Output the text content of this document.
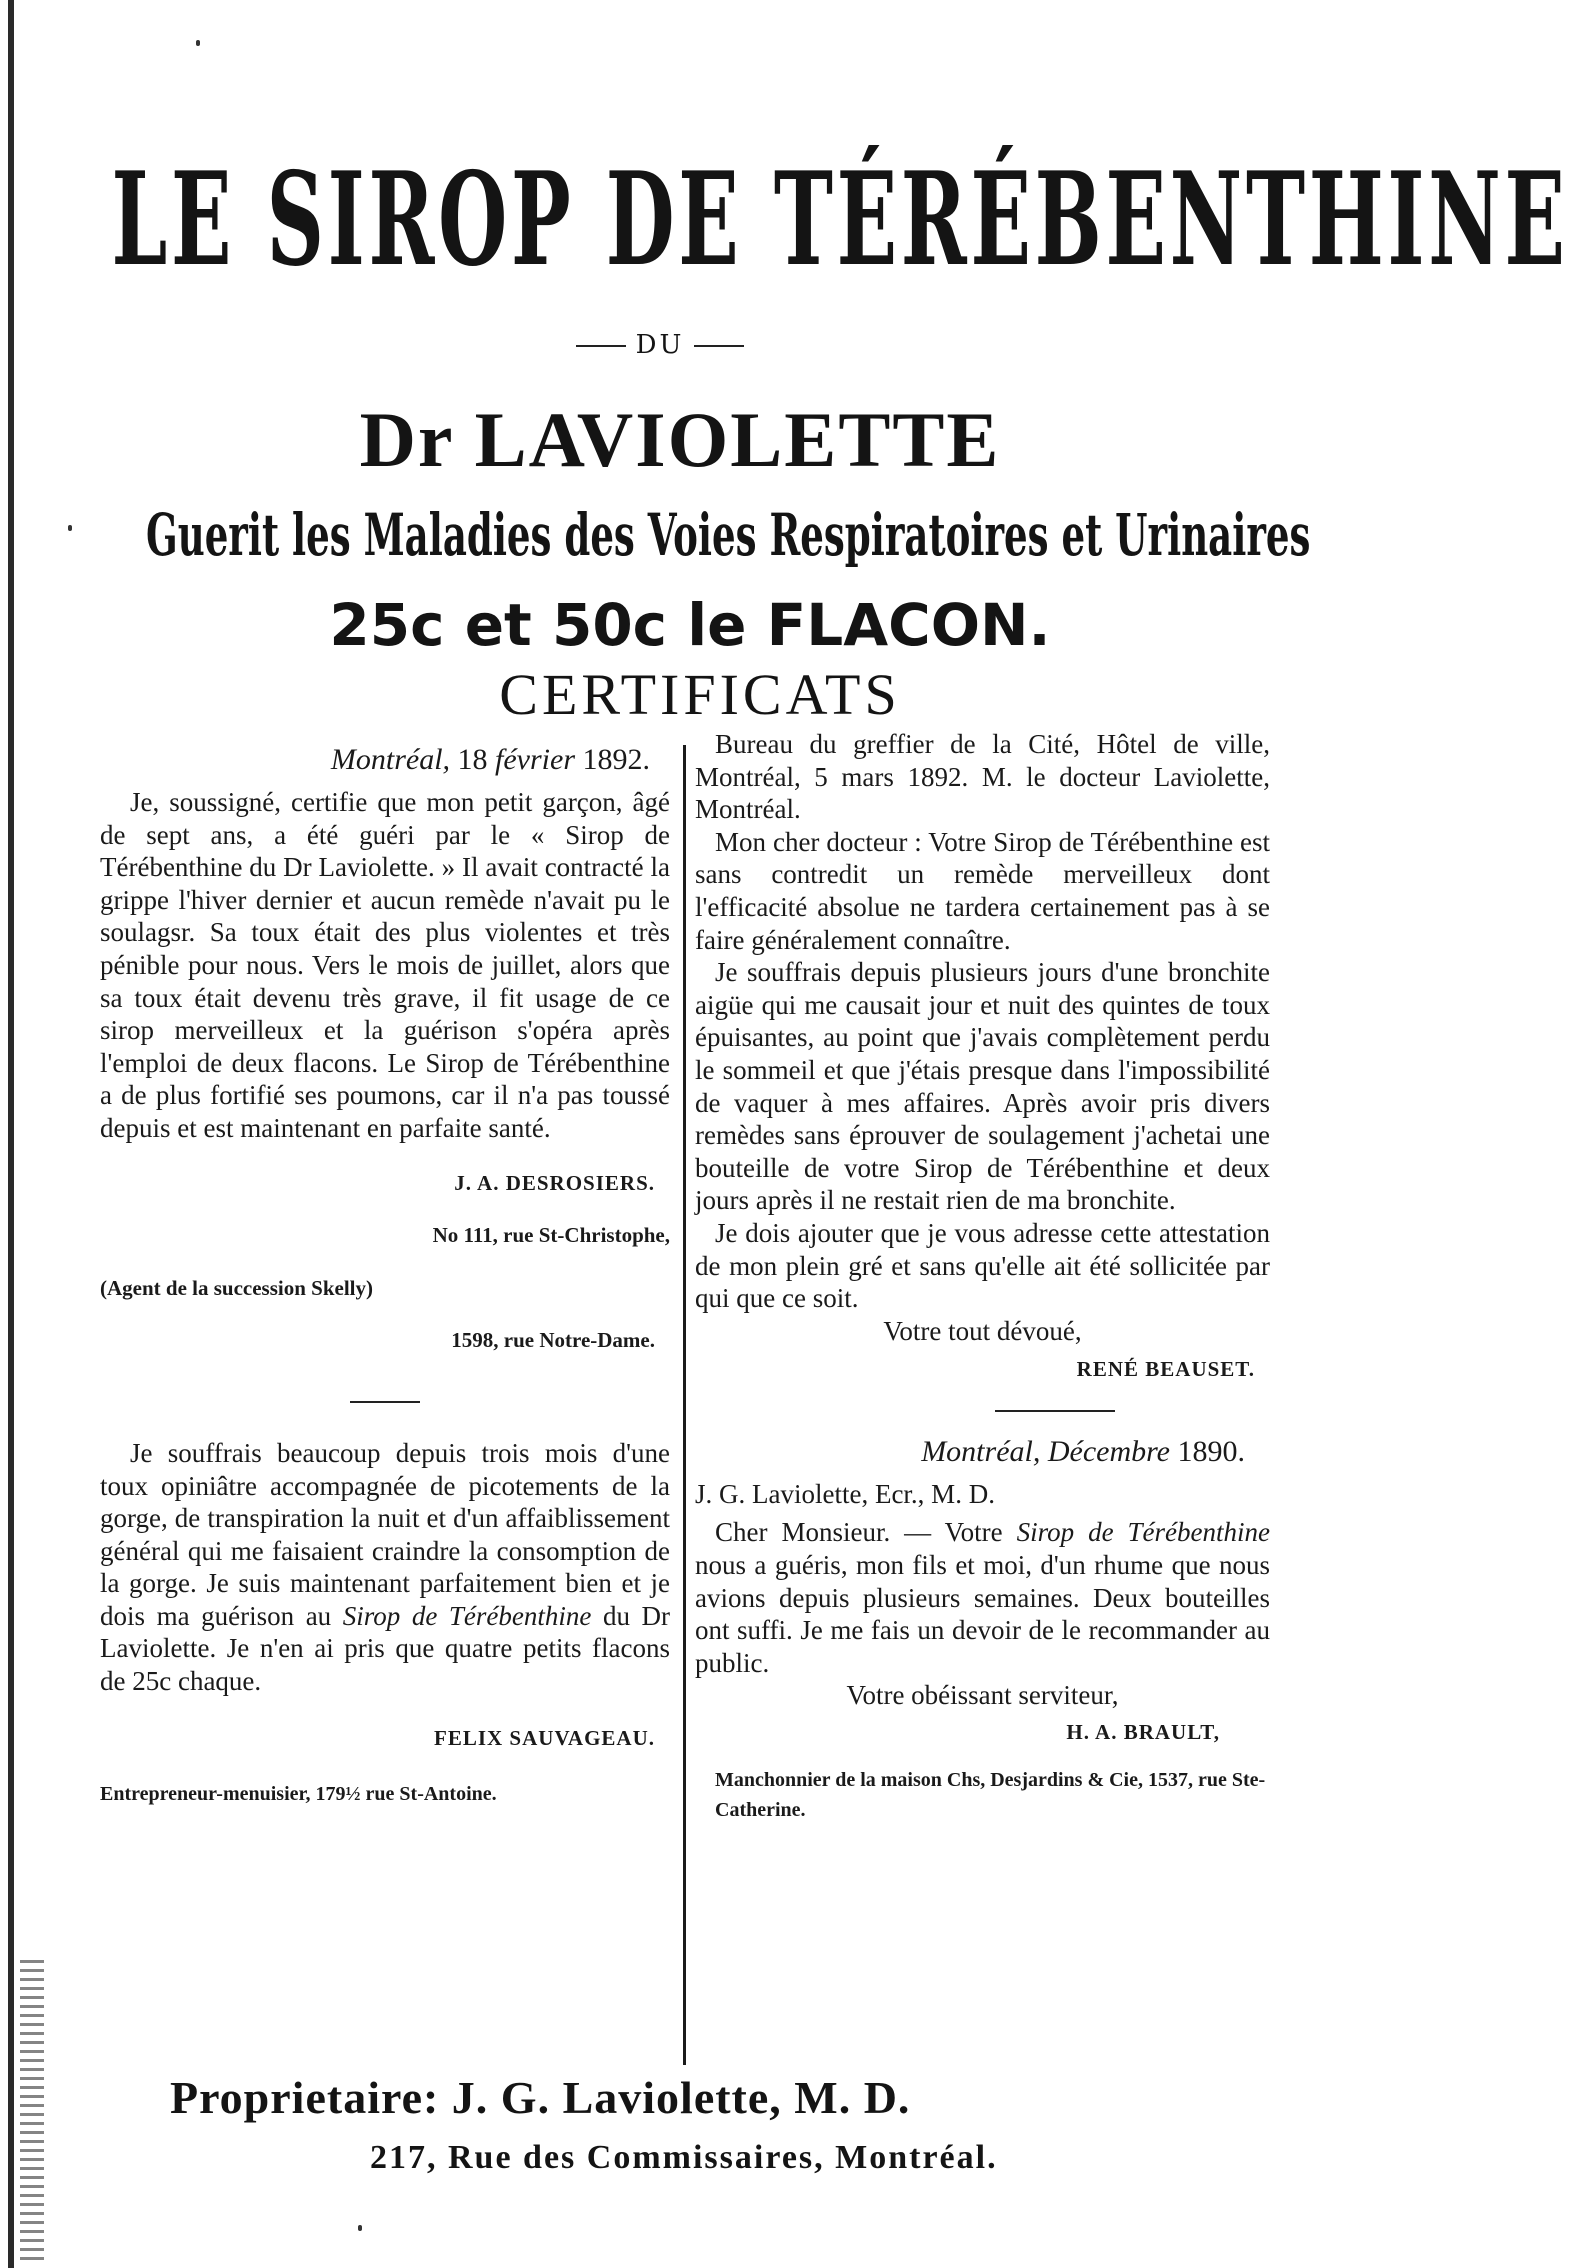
LE SIROP DE TÉRÉBENTHINE
DU
Dr LAVIOLETTE
Guerit les Maladies des Voies Respiratoires et Urinaires
25c et 50c le FLACON.
CERTIFICATS
Montréal, 18 février 1892.

Je, soussigné, certifie que mon petit garçon, âgé de sept ans, a été guéri par le « Sirop de Térébenthine du Dr Laviolette. » Il avait contracté la grippe l'hiver dernier et aucun remède n'avait pu le soulagsr. Sa toux était des plus violentes et très pénible pour nous. Vers le mois de juillet, alors que sa toux était devenu très grave, il fit usage de ce sirop merveilleux et la guérison s'opéra après l'emploi de deux flacons. Le Sirop de Térébenthine a de plus fortifié ses poumons, car il n'a pas toussé depuis et est maintenant en parfaite santé.

J. A. DESROSIERS.
No 111, rue St-Christophe,
(Agent de la succession Skelly)
1598, rue Notre-Dame.

Je souffrais beaucoup depuis trois mois d'une toux opiniâtre accompagnée de picotements de la gorge, de transpiration la nuit et d'un affaiblissement général qui me faisaient craindre la consomption de la gorge. Je suis maintenant parfaitement bien et je dois ma guérison au Sirop de Térébenthine du Dr Laviolette. Je n'en ai pris que quatre petits flacons de 25c chaque.

FELIX SAUVAGEAU.
Entrepreneur-menuisier, 179½ rue St-Antoine.

Bureau du greffier de la Cité, Hôtel de ville, Montréal, 5 mars 1892. M. le docteur Laviolette, Montréal.

Mon cher docteur : Votre Sirop de Térébenthine est sans contredit un remède merveilleux dont l'efficacité absolue ne tardera certainement pas à se faire généralement connaître.

Je souffrais depuis plusieurs jours d'une bronchite aigüe qui me causait jour et nuit des quintes de toux épuisantes, au point que j'avais complètement perdu le sommeil et que j'étais presque dans l'impossibilité de vaquer à mes affaires. Après avoir pris divers remèdes sans éprouver de soulagement j'achetai une bouteille de votre Sirop de Térébenthine et deux jours après il ne restait rien de ma bronchite.

Je dois ajouter que je vous adresse cette attestation de mon plein gré et sans qu'elle ait été sollicitée par qui que ce soit.

Votre tout dévoué,
RENÉ BEAUSET.
Montréal, Décembre 1890.
J. G. Laviolette, Ecr., M. D.

Cher Monsieur. — Votre Sirop de Térébenthine nous a guéris, mon fils et moi, d'un rhume que nous avions depuis plusieurs semaines. Deux bouteilles ont suffi. Je me fais un devoir de le recommander au public.

Votre obéissant serviteur,
H. A. BRAULT,
Manchonnier de la maison Chs, Desjardins & Cie, 1537, rue Ste-Catherine.
Proprietaire: J. G. Laviolette, M. D.
217, Rue des Commissaires, Montréal.
